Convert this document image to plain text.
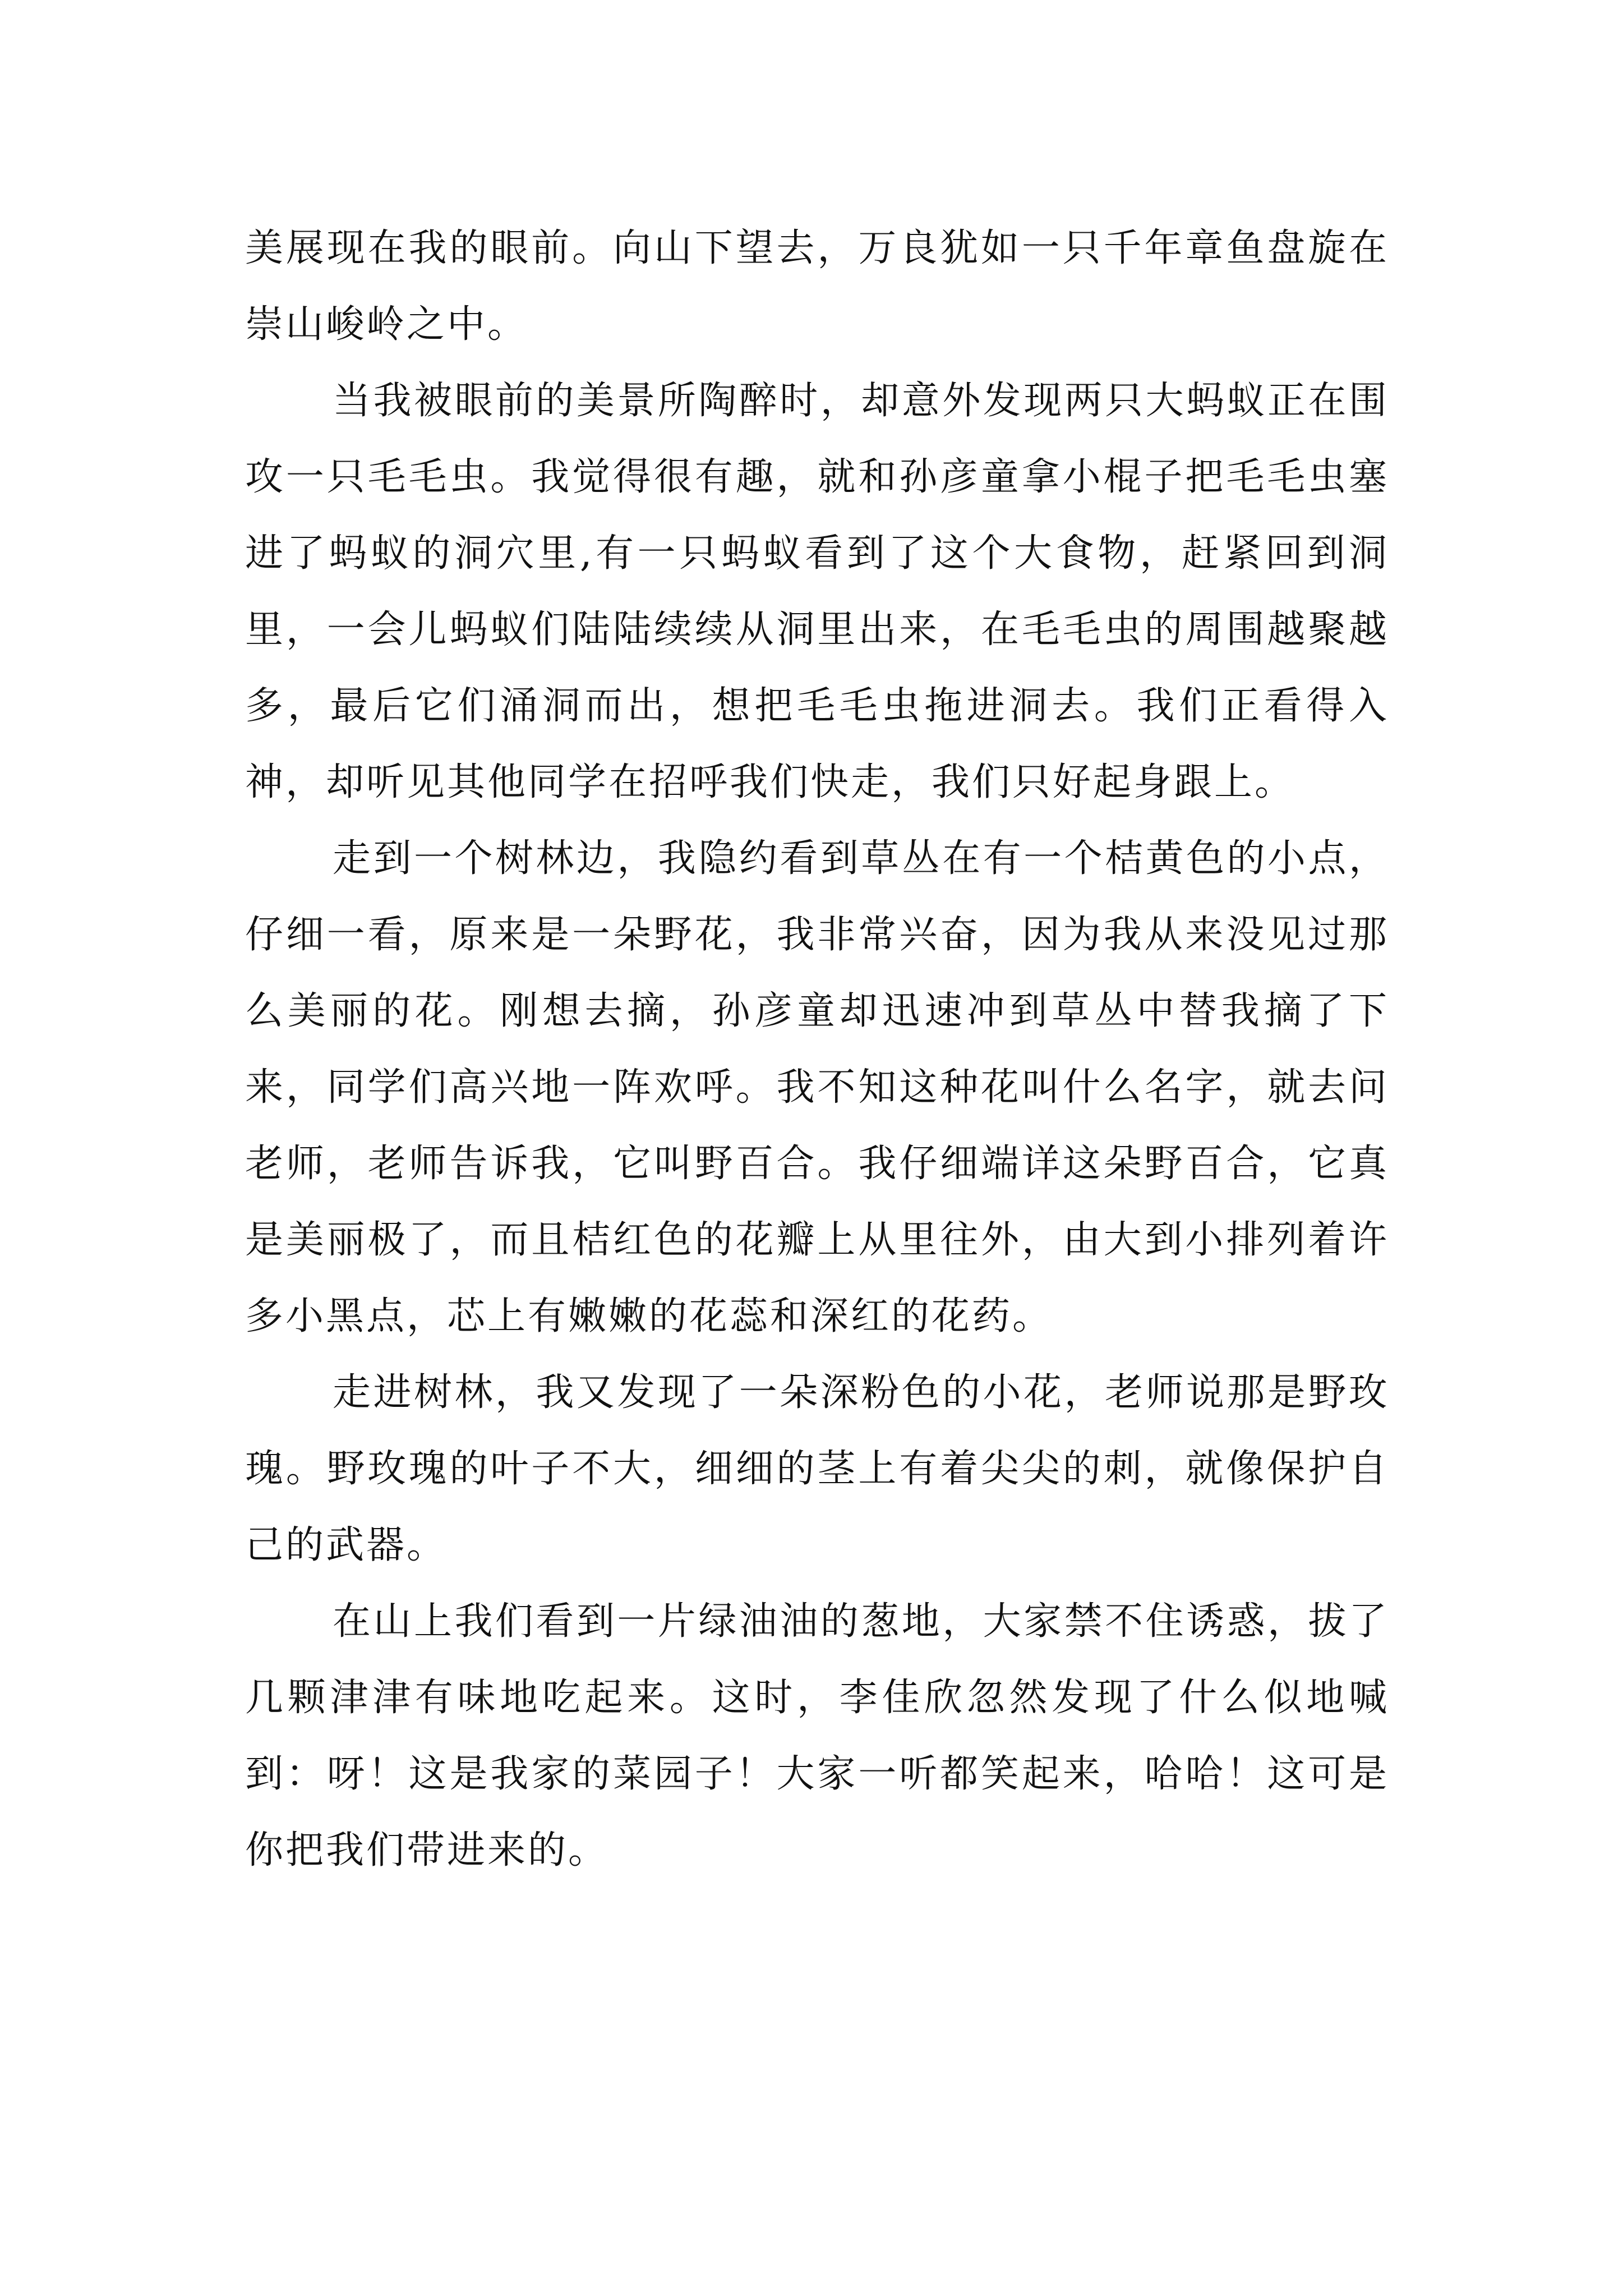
美展现在我的眼前。向山下望去，万良犹如一只千年章鱼盘旋在崇山峻岭之中。

当我被眼前的美景所陶醉时，却意外发现两只大蚂蚁正在围攻一只毛毛虫。我觉得很有趣，就和孙彦童拿小棍子把毛毛虫塞进了蚂蚁的洞穴里,有一只蚂蚁看到了这个大食物，赶紧回到洞里，一会儿蚂蚁们陆陆续续从洞里出来，在毛毛虫的周围越聚越多，最后它们涌洞而出，想把毛毛虫拖进洞去。我们正看得入神，却听见其他同学在招呼我们快走，我们只好起身跟上。

走到一个树林边，我隐约看到草丛在有一个桔黄色的小点，仔细一看，原来是一朵野花，我非常兴奋，因为我从来没见过那么美丽的花。刚想去摘，孙彦童却迅速冲到草丛中替我摘了下来，同学们高兴地一阵欢呼。我不知这种花叫什么名字，就去问老师，老师告诉我，它叫野百合。我仔细端详这朵野百合，它真是美丽极了，而且桔红色的花瓣上从里往外，由大到小排列着许多小黑点，芯上有嫩嫩的花蕊和深红的花药。

走进树林，我又发现了一朵深粉色的小花，老师说那是野玫瑰。野玫瑰的叶子不大，细细的茎上有着尖尖的刺，就像保护自己的武器。

在山上我们看到一片绿油油的葱地，大家禁不住诱惑，拔了几颗津津有味地吃起来。这时，李佳欣忽然发现了什么似地喊到：呀！这是我家的菜园子！大家一听都笑起来，哈哈！这可是你把我们带进来的。
